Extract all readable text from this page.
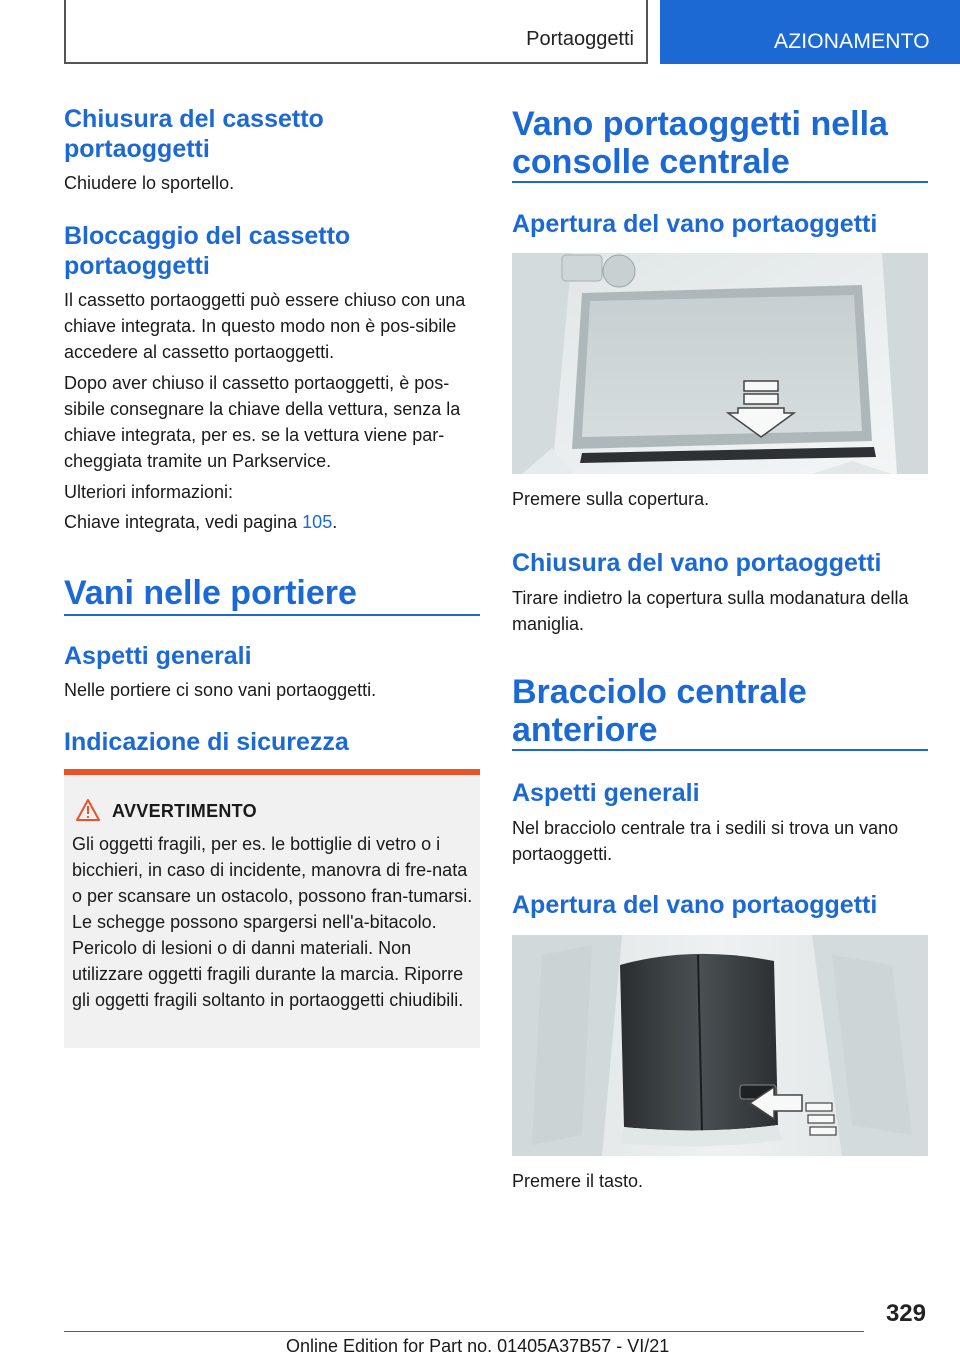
Portaoggetti	AZIONAMENTO
Chiusura del cassetto portaoggetti

Chiudere lo sportello.

Bloccaggio del cassetto portaoggetti

Il cassetto portaoggetti può essere chiuso con una chiave integrata. In questo modo non è pos-sibile accedere al cassetto portaoggetti.

Dopo aver chiuso il cassetto portaoggetti, è pos-sibile consegnare la chiave della vettura, senza la chiave integrata, per es. se la vettura viene par-cheggiata tramite un Parkservice.

Ulteriori informazioni:

Chiave integrata, vedi pagina 105.

Vani nelle portiere
Aspetti generali

Nelle portiere ci sono vani portaoggetti.

Indicazione di sicurezza
AVVERTIMENTO

Gli oggetti fragili, per es. le bottiglie di vetro o i bicchieri, in caso di incidente, manovra di fre-nata o per scansare un ostacolo, possono fran-tumarsi. Le schegge possono spargersi nell'a-bitacolo. Pericolo di lesioni o di danni materiali. Non utilizzare oggetti fragili durante la marcia. Riporre gli oggetti fragili soltanto in portaoggetti chiudibili.

Vano portaoggetti nella consolle centrale
Apertura del vano portaoggetti

Premere sulla copertura.

Chiusura del vano portaoggetti

Tirare indietro la copertura sulla modanatura della maniglia.

Bracciolo centrale anteriore
Aspetti generali

Nel bracciolo centrale tra i sedili si trova un vano portaoggetti.

Apertura del vano portaoggetti

Premere il tasto.

329
Online Edition for Part no. 01405A37B57 - VI/21
